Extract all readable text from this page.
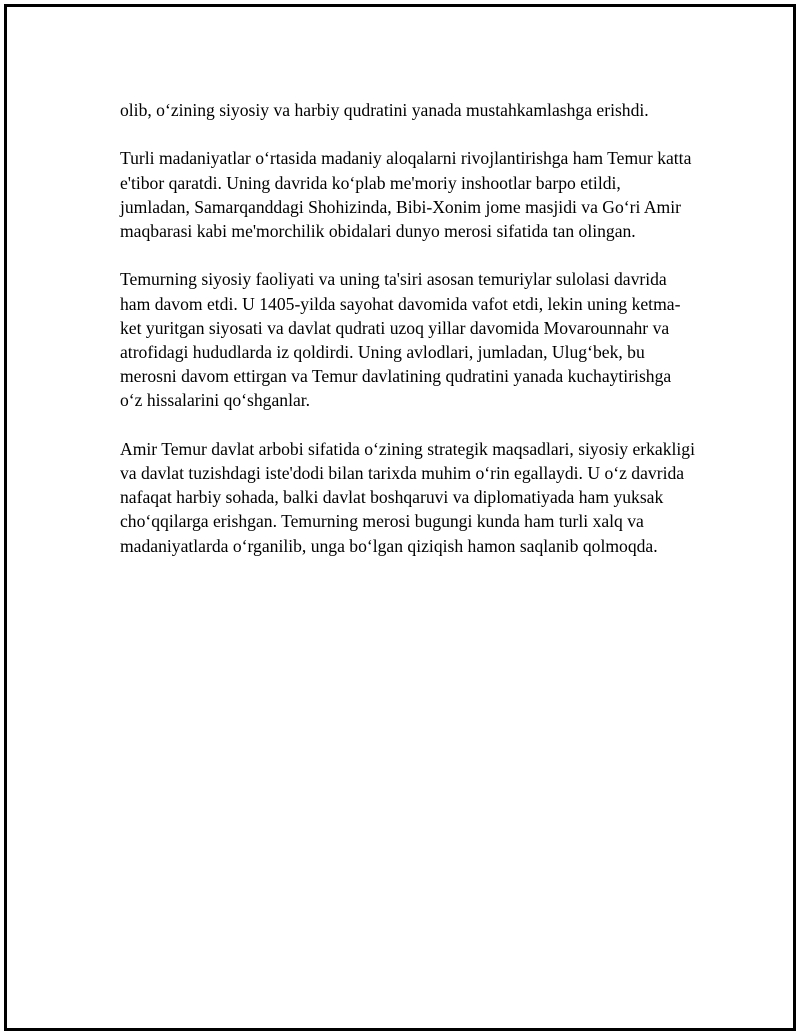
olib, o‘zining siyosiy va harbiy qudratini yanada mustahkamlashga erishdi.

Turli madaniyatlar o‘rtasida madaniy aloqalarni rivojlantirishga ham Temur katta e'tibor qaratdi. Uning davrida ko‘plab me'moriy inshootlar barpo etildi, jumladan, Samarqanddagi Shohizinda, Bibi-Xonim jome masjidi va Go‘ri Amir maqbarasi kabi me'morchilik obidalari dunyo merosi sifatida tan olingan.

Temurning siyosiy faoliyati va uning ta'siri asosan temuriylar sulolasi davrida ham davom etdi. U 1405-yilda sayohat davomida vafot etdi, lekin uning ketma-ket yuritgan siyosati va davlat qudrati uzoq yillar davomida Movarounnahr va atrofidagi hududlarda iz qoldirdi. Uning avlodlari, jumladan, Ulug‘bek, bu merosni davom ettirgan va Temur davlatining qudratini yanada kuchaytirishga o‘z hissalarini qo‘shganlar.

Amir Temur davlat arbobi sifatida o‘zining strategik maqsadlari, siyosiy erkakligi va davlat tuzishdagi iste'dodi bilan tarixda muhim o‘rin egallaydi. U o‘z davrida nafaqat harbiy sohada, balki davlat boshqaruvi va diplomatiyada ham yuksak cho‘qqilarga erishgan. Temurning merosi bugungi kunda ham turli xalq va madaniyatlarda o‘rganilib, unga bo‘lgan qiziqish hamon saqlanib qolmoqda.
